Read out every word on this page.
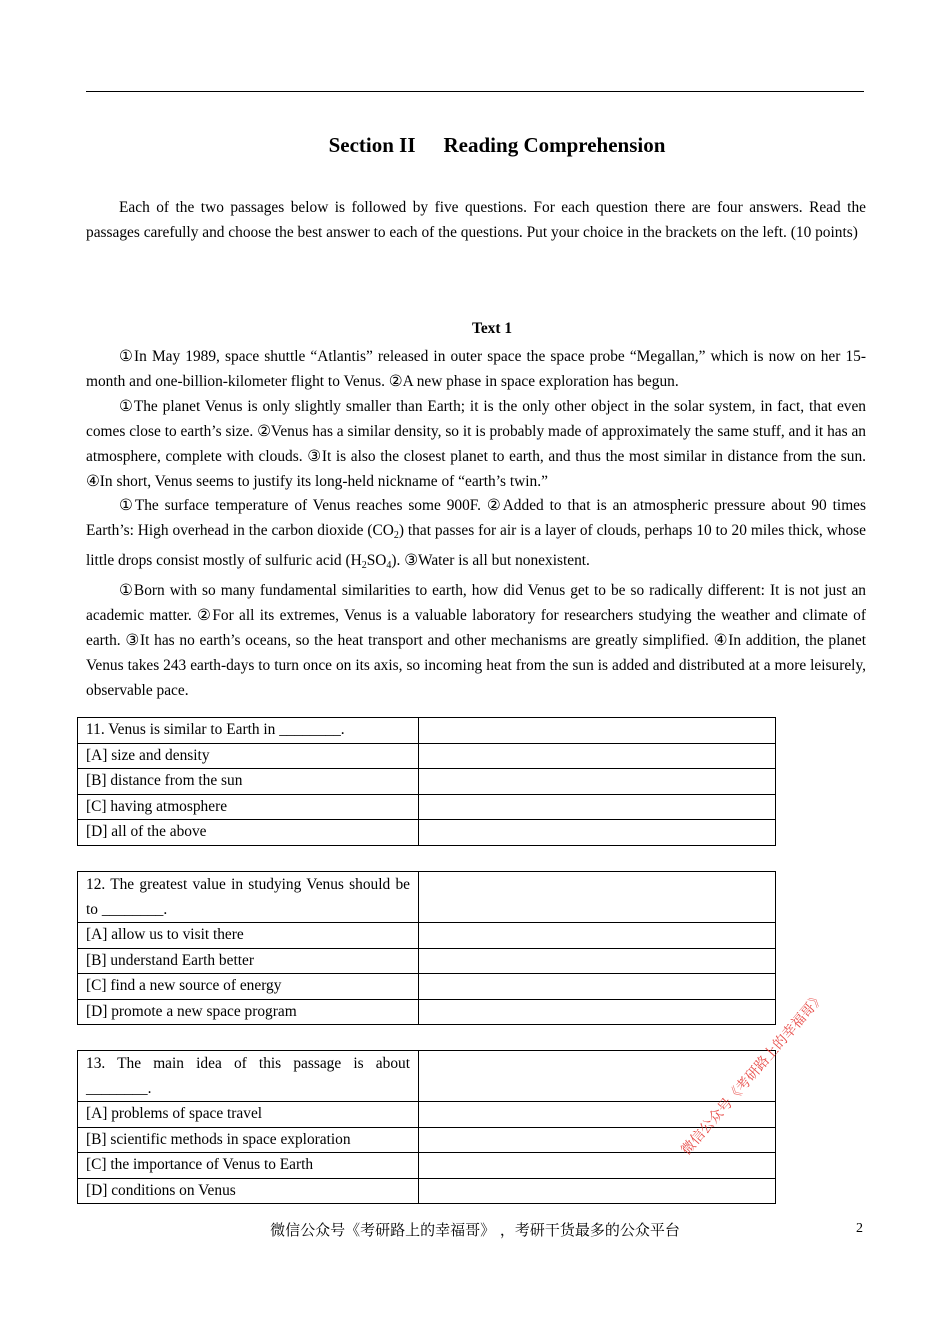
Section II Reading Comprehension

Each of the two passages below is followed by five questions. For each question there are four answers. Read the passages carefully and choose the best answer to each of the questions. Put your choice in the brackets on the left. (10 points)

Text 1

①In May 1989, space shuttle “Atlantis” released in outer space the space probe “Megallan,” which is now on her 15-month and one-billion-kilometer flight to Venus. ②A new phase in space exploration has begun.

①The planet Venus is only slightly smaller than Earth; it is the only other object in the solar system, in fact, that even comes close to earth’s size. ②Venus has a similar density, so it is probably made of approximately the same stuff, and it has an atmosphere, complete with clouds. ③It is also the closest planet to earth, and thus the most similar in distance from the sun. ④In short, Venus seems to justify its long-held nickname of “earth’s twin.”

①The surface temperature of Venus reaches some 900F. ②Added to that is an atmospheric pressure about 90 times Earth’s: High overhead in the carbon dioxide $(CO_2)$ that passes for air is a layer of clouds, perhaps 10 to 20 miles thick, whose little drops consist mostly of sulfuric acid $(H_2SO_4)$. ③Water is all but nonexistent.

①Born with so many fundamental similarities to earth, how did Venus get to be so radically different: It is not just an academic matter. ②For all its extremes, Venus is a valuable laboratory for researchers studying the weather and climate of earth. ③It has no earth’s oceans, so the heat transport and other mechanisms are greatly simplified. ④In addition, the planet Venus takes 243 earth-days to turn once on its axis, so incoming heat from the sun is added and distributed at a more leisurely, observable pace.

11. Venus is similar to Earth in ________.	
[A] size and density	
[B] distance from the sun	
[C] having atmosphere	
[D] all of the above	
12. The greatest value in studying Venus should be to ________.	
[A] allow us to visit there	
[B] understand Earth better	
[C] find a new source of energy	
[D] promote a new space program	
13. The main idea of this passage is about ________.	
[A] problems of space travel	
[B] scientific methods in space exploration	
[C] the importance of Venus to Earth	
[D] conditions on Venus	
微信公众号《考研路上的幸福哥》
微信公众号《考研路上的幸福哥》 ，考研干货最多的公众平台	2
